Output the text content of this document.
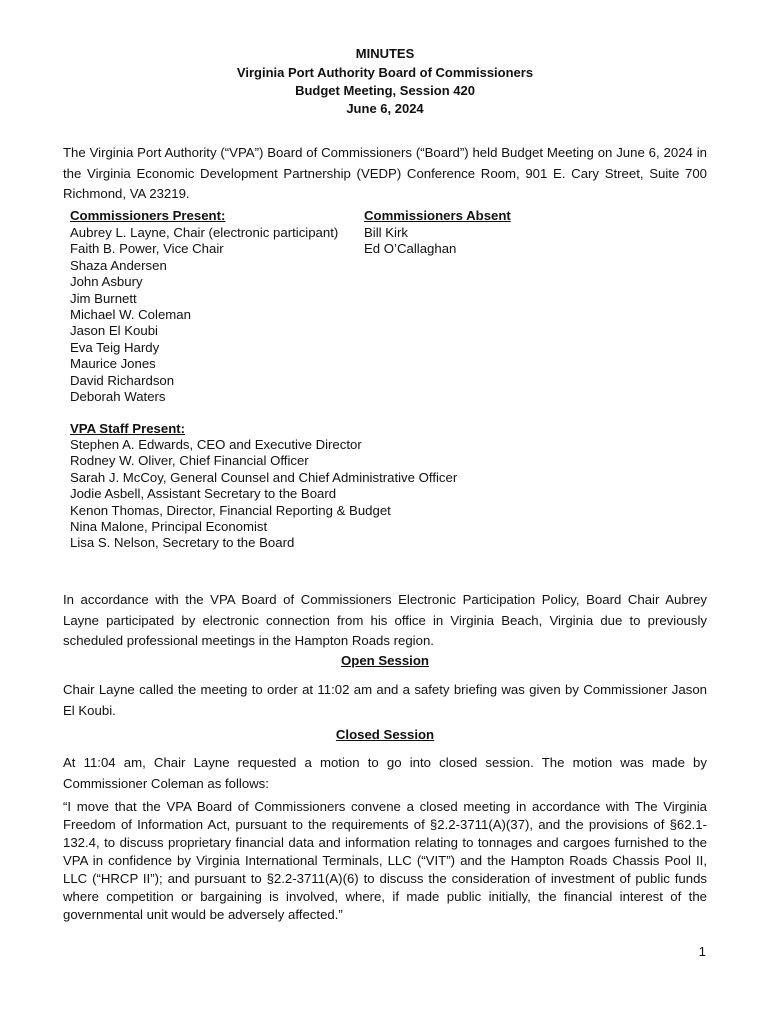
MINUTES
Virginia Port Authority Board of Commissioners
Budget Meeting, Session 420
June 6, 2024
The Virginia Port Authority (“VPA”) Board of Commissioners (“Board”) held Budget Meeting on June 6, 2024 in the Virginia Economic Development Partnership (VEDP) Conference Room, 901 E. Cary Street, Suite 700 Richmond, VA 23219.
Commissioners Present:
Aubrey L. Layne, Chair (electronic participant)
Faith B. Power, Vice Chair
Shaza Andersen
John Asbury
Jim Burnett
Michael W. Coleman
Jason El Koubi
Eva Teig Hardy
Maurice Jones
David Richardson
Deborah Waters
Commissioners Absent
Bill Kirk
Ed O’Callaghan
VPA Staff Present:
Stephen A. Edwards, CEO and Executive Director
Rodney W. Oliver, Chief Financial Officer
Sarah J. McCoy, General Counsel and Chief Administrative Officer
Jodie Asbell, Assistant Secretary to the Board
Kenon Thomas, Director, Financial Reporting & Budget
Nina Malone, Principal Economist
Lisa S. Nelson, Secretary to the Board
In accordance with the VPA Board of Commissioners Electronic Participation Policy, Board Chair Aubrey Layne participated by electronic connection from his office in Virginia Beach, Virginia due to previously scheduled professional meetings in the Hampton Roads region.
Open Session
Chair Layne called the meeting to order at 11:02 am and a safety briefing was given by Commissioner Jason El Koubi.
Closed Session
At 11:04 am, Chair Layne requested a motion to go into closed session. The motion was made by Commissioner Coleman as follows:
“I move that the VPA Board of Commissioners convene a closed meeting in accordance with The Virginia Freedom of Information Act, pursuant to the requirements of §2.2-3711(A)(37), and the provisions of §62.1-132.4, to discuss proprietary financial data and information relating to tonnages and cargoes furnished to the VPA in confidence by Virginia International Terminals, LLC (“VIT”) and the Hampton Roads Chassis Pool II, LLC (“HRCP II”); and pursuant to §2.2-3711(A)(6) to discuss the consideration of investment of public funds where competition or bargaining is involved, where, if made public initially, the financial interest of the governmental unit would be adversely affected.”
1
